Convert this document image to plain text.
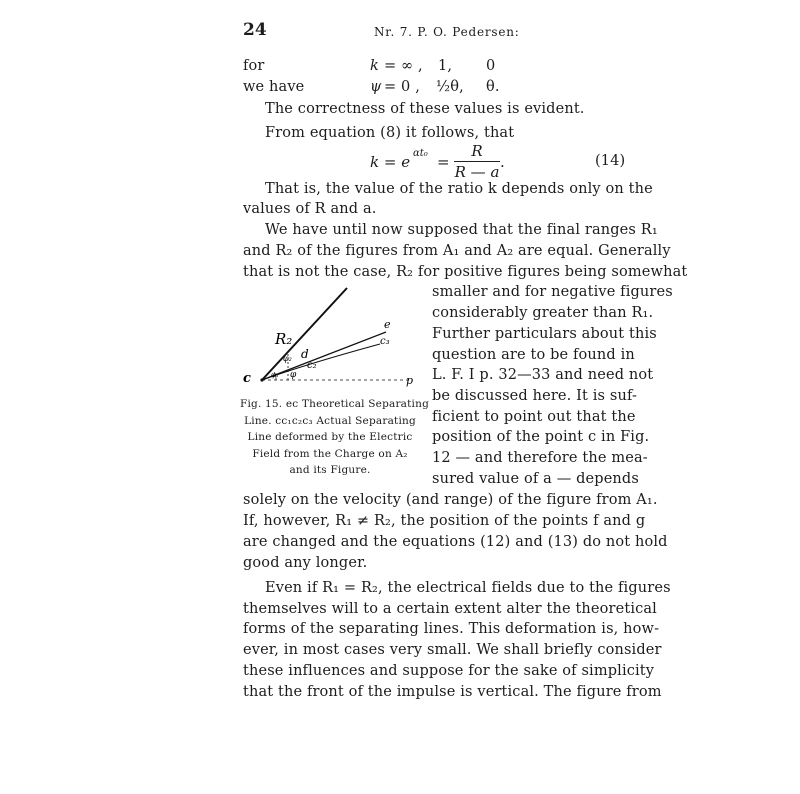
24	Nr. 7. P. O. Pedersen:
for	k = ∞ , 1, 0
we have	ψ = 0 , ½θ, θ.
The correctness of these values is evident.
From equation (8) it follows, that
k = e αt₀ =
R
R — a
.	(14)
That is, the value of the ratio k depends only on the
values of R and a.
We have until now supposed that the final ranges R₁
and R₂ of the figures from A₁ and A₂ are equal. Generally
that is not the case, R₂ for positive figures being somewhat
smaller and for negative figures
considerably greater than R₁.
Further particulars about this
question are to be found in
L. F. I p. 32—33 and need not
be discussed here. It is suf-
ficient to point out that the
position of the point c in Fig.
12 — and therefore the mea-
sured value of a — depends
R₂
e
c₃
d
c₂
c	p
φ₂
φ
φ₁
Fig. 15. ec Theoretical Separating
Line. cc₁c₂c₃ Actual Separating
Line deformed by the Electric
Field from the Charge on A₂
and its Figure.
solely on the velocity (and range) of the figure from A₁.
If, however, R₁ ≠ R₂, the position of the points f and g
are changed and the equations (12) and (13) do not hold
good any longer.
Even if R₁ = R₂, the electrical fields due to the figures
themselves will to a certain extent alter the theoretical
forms of the separating lines. This deformation is, how-
ever, in most cases very small. We shall briefly consider
these influences and suppose for the sake of simplicity
that the front of the impulse is vertical. The figure from
